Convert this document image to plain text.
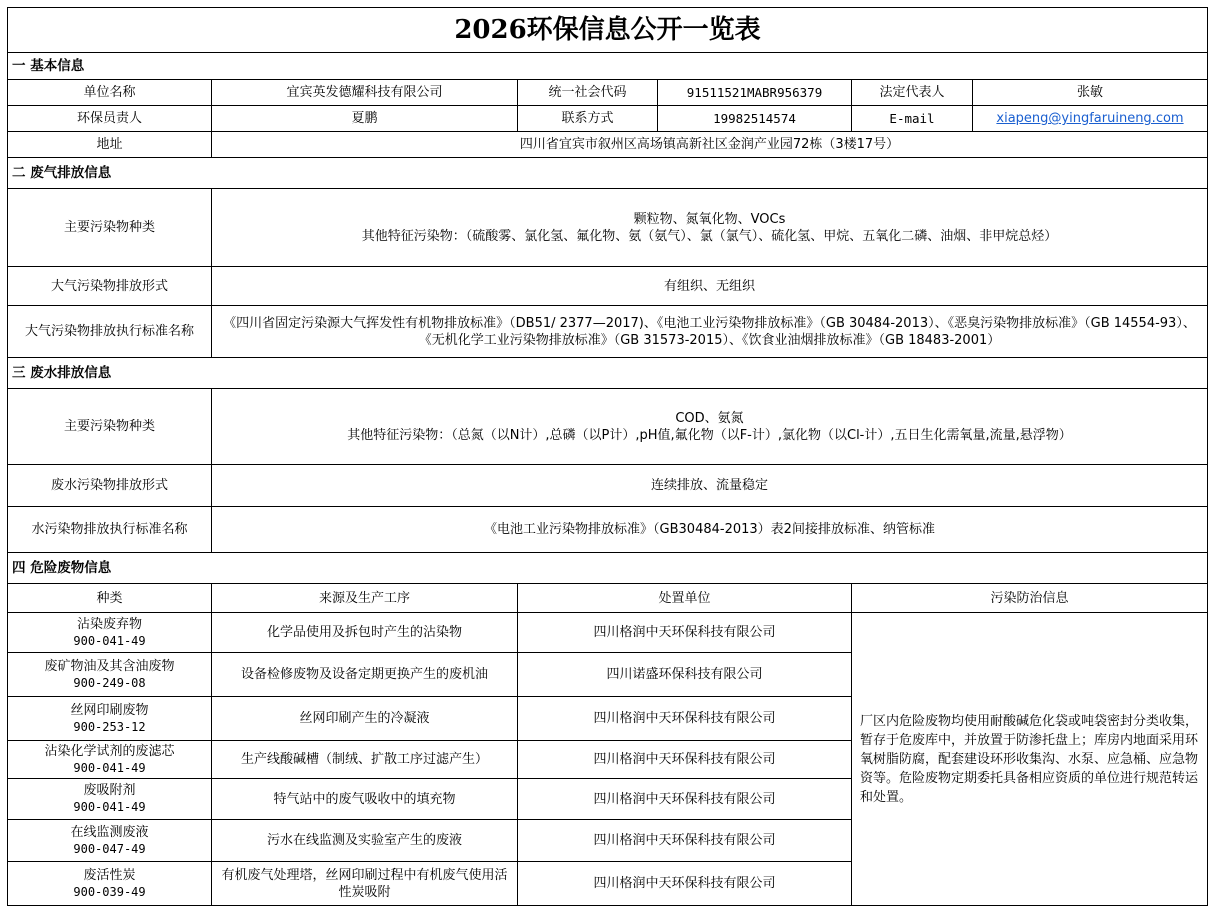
2026环保信息公开一览表					
一 基本信息					
单位名称	宜宾英发德耀科技有限公司	统一社会代码	91511521MABR956379	法定代表人	张敏
环保员责人	夏鹏	联系方式	19982514574	E-mail	xiapeng@yingfaruineng.com
地址	四川省宜宾市叙州区高场镇高新社区金润产业园72栋（3楼17号）				
二 废气排放信息					
主要污染物种类	颗粒物、氮氧化物、VOCs
其他特征污染物：（硫酸雾、氯化氢、氟化物、氨（氨气）、氯（氯气）、硫化氢、甲烷、五氧化二磷、油烟、非甲烷总烃）				

大气污染物排放形式	有组织、无组织				
大气污染物排放执行标准名称	《四川省固定污染源大气挥发性有机物排放标准》（DB51/ 2377—2017)、《电池工业污染物排放标准》（GB 30484-2013）、《恶臭污染物排放标准》（GB 14554-93）、《无机化学工业污染物排放标准》（GB 31573-2015）、《饮食业油烟排放标准》（GB 18483-2001）				
三 废水排放信息					
主要污染物种类	COD、氨氮
其他特征污染物：（总氮（以N计）,总磷（以P计）,pH值,氟化物（以F-计）,氯化物（以Cl-计）,五日生化需氧量,流量,悬浮物）				

废水污染物排放形式	连续排放、流量稳定				
水污染物排放执行标准名称	《电池工业污染物排放标准》（GB30484-2013）表2间接排放标准、纳管标准				
四 危险废物信息					
种类	来源及生产工序	处置单位		污染防治信息	
沾染废弃物
900-041-49	化学品使用及拆包时产生的沾染物	四川格润中天环保科技有限公司		厂区内危险废物均使用耐酸碱危化袋或吨袋密封分类收集，暂存于危废库中，并放置于防渗托盘上；库房内地面采用环氧树脂防腐，配套建设环形收集沟、水泵、应急桶、应急物资等。危险废物定期委托具备相应资质的单位进行规范转运和处置。	
废矿物油及其含油废物
900-249-08	设备检修废物及设备定期更换产生的废机油	四川诺盛环保科技有限公司			
丝网印刷废物
900-253-12	丝网印刷产生的冷凝液	四川格润中天环保科技有限公司			
沾染化学试剂的废滤芯
900-041-49	生产线酸碱槽（制绒、扩散工序过滤产生）	四川格润中天环保科技有限公司			
废吸附剂
900-041-49	特气站中的废气吸收中的填充物	四川格润中天环保科技有限公司			
在线监测废液
900-047-49	污水在线监测及实验室产生的废液	四川格润中天环保科技有限公司			
废活性炭
900-039-49	有机废气处理塔，丝网印刷过程中有机废气使用活性炭吸附	四川格润中天环保科技有限公司			
